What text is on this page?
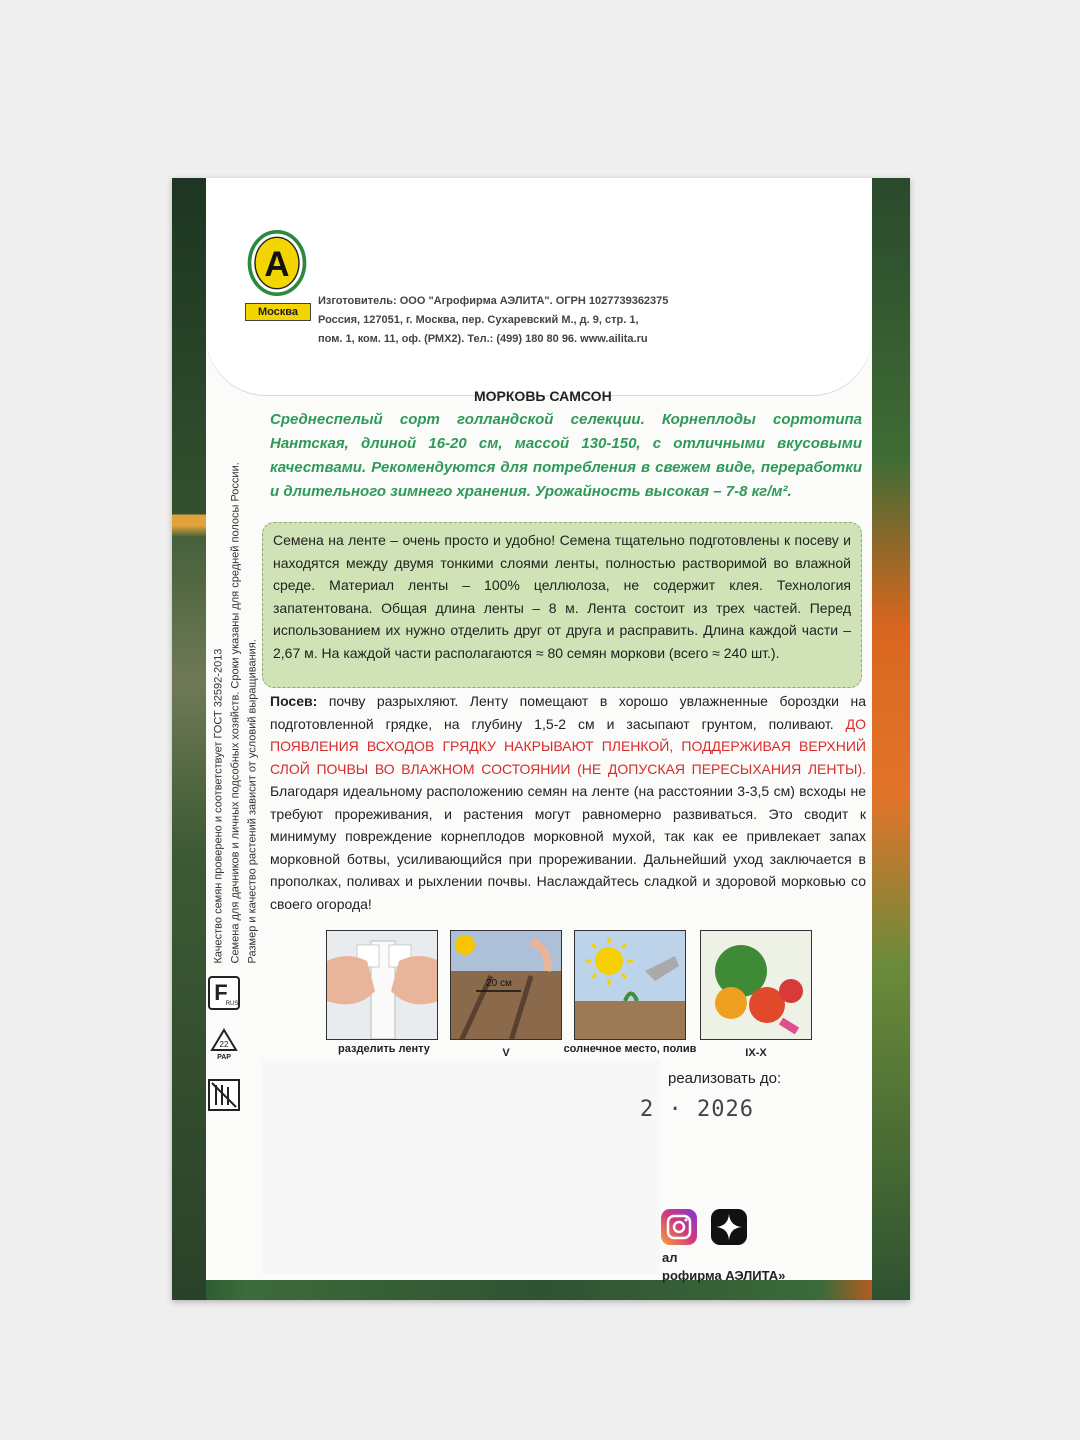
A
Москва
Изготовитель: ООО "Агрофирма АЭЛИТА". ОГРН 1027739362375
Россия, 127051, г. Москва, пер. Сухаревский М., д. 9, стр. 1,
пом. 1, ком. 11, оф. (РМХ2). Тел.: (499) 180 80 96. www.ailita.ru
МОРКОВЬ САМСОН
Среднеспелый сорт голландской селекции. Корнеплоды сортотипа Нантская, длиной 16-20 см, массой 130-150, с отличными вкусовыми качествами. Рекомендуются для потребления в свежем виде, переработки и длительного зимнего хранения. Урожайность высокая – 7-8 кг/м².
Семена на ленте – очень просто и удобно! Семена тщательно подготовлены к посеву и находятся между двумя тонкими слоями ленты, полностью растворимой во влажной среде. Материал ленты – 100% целлюлоза, не содержит клея. Технология запатентована. Общая длина ленты – 8 м. Лента состоит из трех частей. Перед использованием их нужно отделить друг от друга и расправить. Длина каждой части – 2,67 м. На каждой части располагаются ≈ 80 семян моркови (всего ≈ 240 шт.).
Посев: почву разрыхляют. Ленту помещают в хорошо увлажненные бороздки на подготовленной грядке, на глубину 1,5-2 см и засыпают грунтом, поливают. ДО ПОЯВЛЕНИЯ ВСХОДОВ ГРЯДКУ НАКРЫВАЮТ ПЛЕНКОЙ, ПОДДЕРЖИВАЯ ВЕРХНИЙ СЛОЙ ПОЧВЫ ВО ВЛАЖНОМ СОСТОЯНИИ (НЕ ДОПУСКАЯ ПЕРЕСЫХАНИЯ ЛЕНТЫ). Благодаря идеальному расположению семян на ленте (на расстоянии 3-3,5 см) всходы не требуют прореживания, и растения могут равномерно развиваться. Это сводит к минимуму повреждение корнеплодов морковной мухой, так как ее привлекает запах морковной ботвы, усиливающийся при прореживании. Дальнейший уход заключается в прополках, поливах и рыхлении почвы. Наслаждайтесь сладкой и здоровой морковью со своего огорода!
Качество семян проверено и соответствует ГОСТ 32592-2013 Семена для дачников и личных подсобных хозяйств. Сроки указаны для средней полосы России. Размер и качество растений зависит от условий выращивания.
F
RUS

22
PAP

20 см
разделить ленту	V	солнечное место, полив	IX-X
реализовать до:
2 · 2026
ал
рофирма АЭЛИТА»
